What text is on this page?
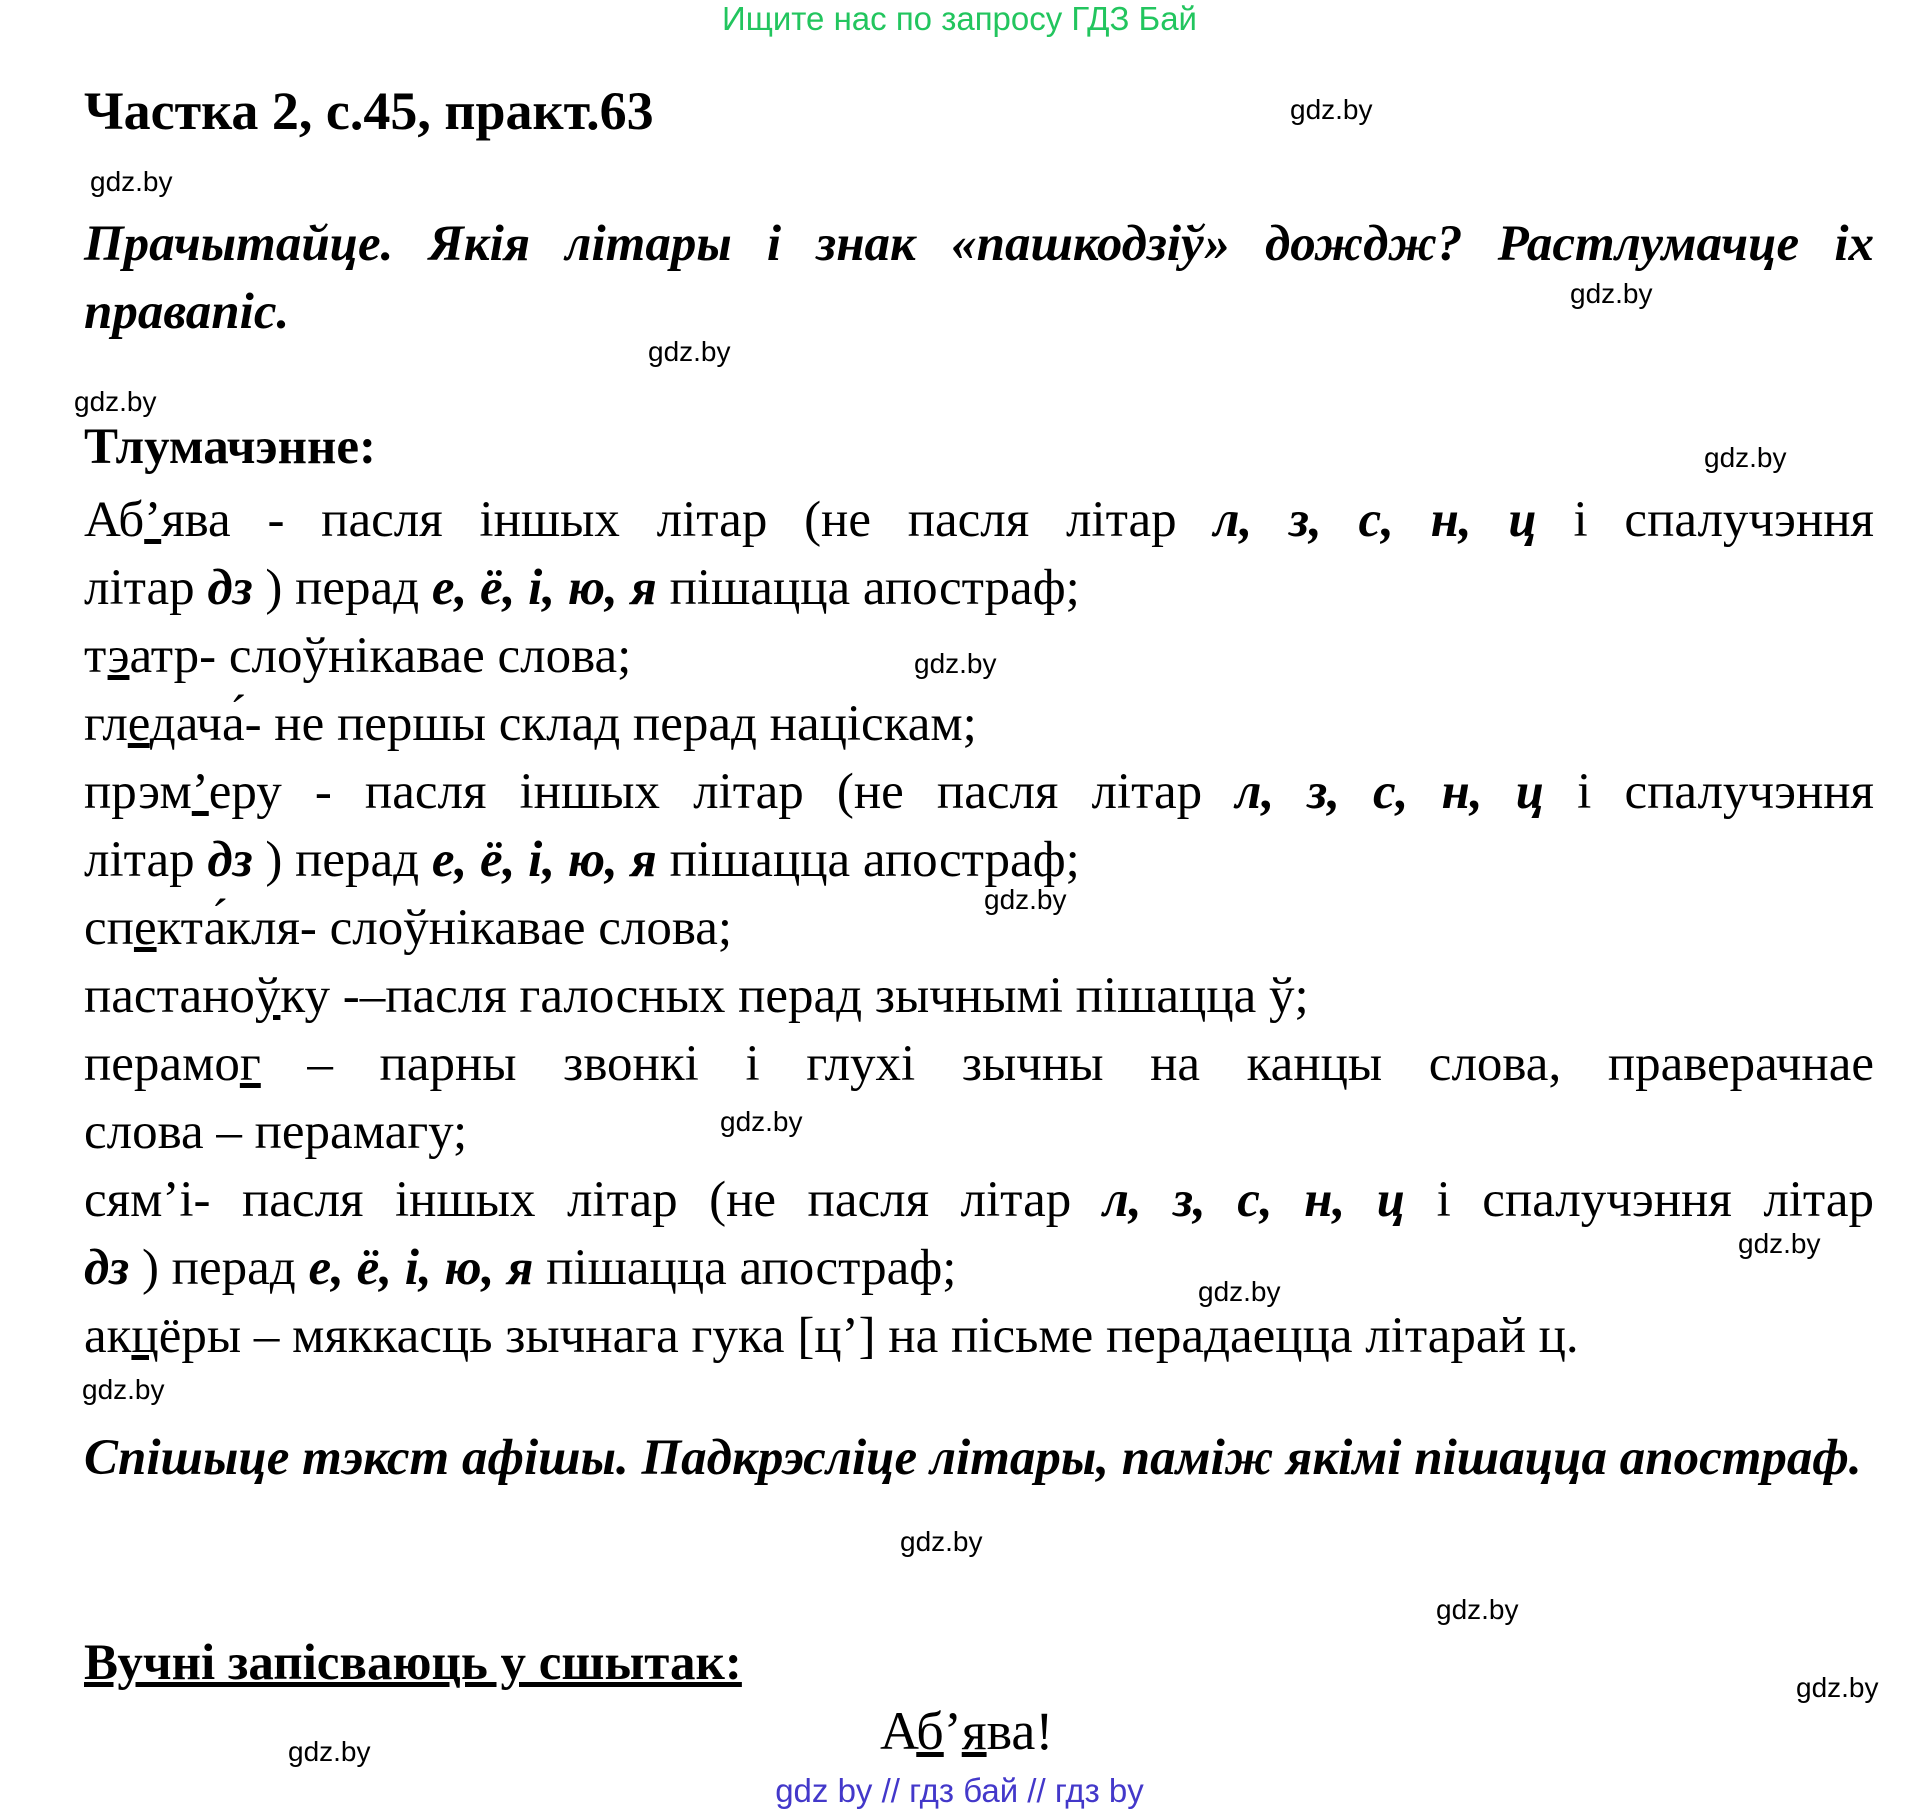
Ищите нас по запросу ГДЗ Бай
Частка 2, с.45, практ.63
Прачытайце. Якія літары і знак «пашкодзіў» дождж? Растлумачце іх правапіс.
Тлумачэнне:
Аб’ява - пасля іншых літар (не пасля літар л, з, с, н, ц і спалучэння
літар дз ) перад е, ё, і, ю, я пішацца апостраф;
тэатр- слоўнікавае слова;
гледача́- не першы склад перад націскам;
прэм’еру - пасля іншых літар (не пасля літар л, з, с, н, ц і спалучэння
літар дз ) перад е, ё, і, ю, я пішацца апостраф;
спекта́кля- слоўнікавае слова;
пастаноўку -–пасля галосных перад зычнымі пішацца ў;
перамог – парны звонкі і глухі зычны на канцы слова, праверачнае
слова – перамагу;
сям’і- пасля іншых літар (не пасля літар л, з, с, н, ц і спалучэння літар
дз ) перад е, ё, і, ю, я пішацца апостраф;
акцёры – мяккасць зычнага гука [ц’] на пісьме перадаецца літарай ц.
Спішыце тэкст афішы. Падкрэсліце літары, паміж якімі пішацца апостраф.
Вучні запісваюць у сшытак:
Аб’ява!
gdz.by
gdz.by
gdz.by
gdz.by
gdz.by
gdz.by
gdz.by
gdz.by
gdz.by
gdz.by
gdz.by
gdz.by
gdz.by
gdz.by
gdz.by
gdz.by
gdz by // гдз бай // гдз by
